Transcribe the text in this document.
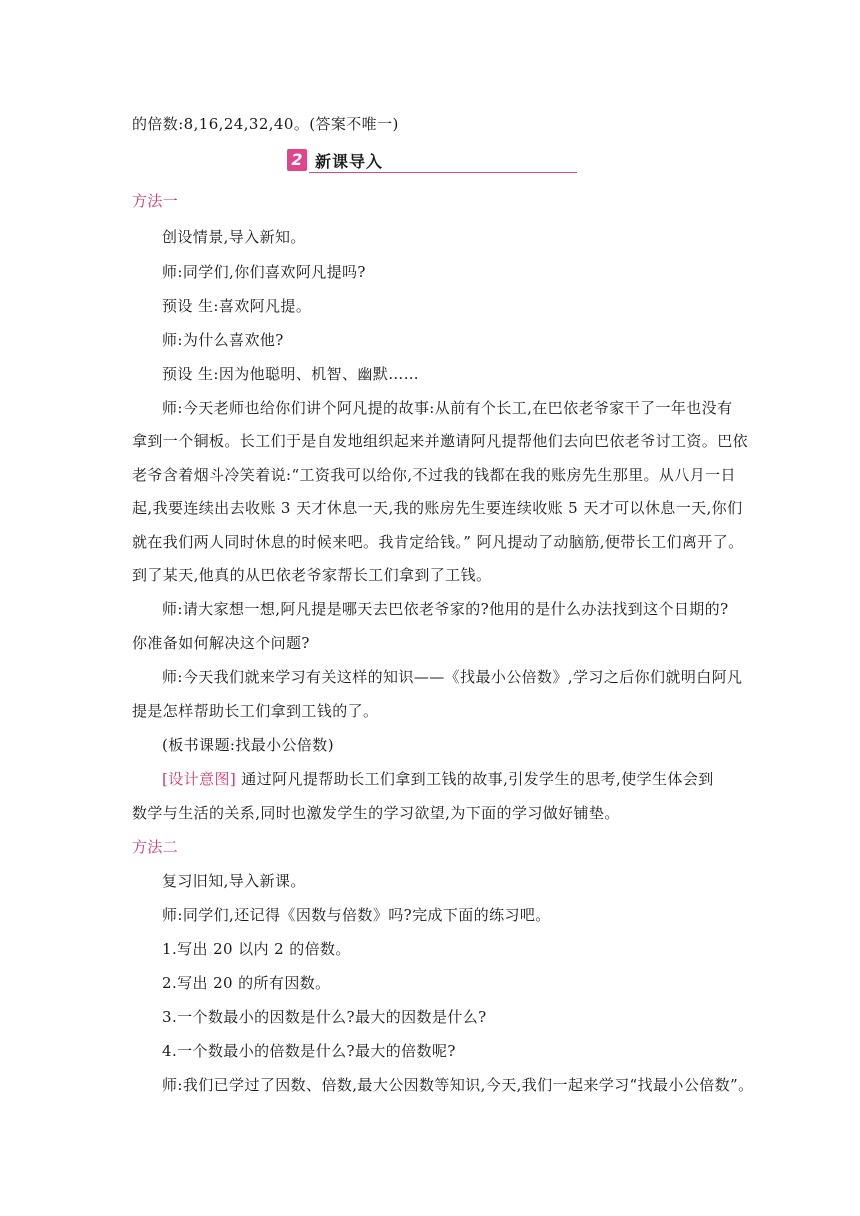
的倍数:8,16,24,32,40。(答案不唯一)
2 新课导入
方法一
创设情景,导入新知。
师:同学们,你们喜欢阿凡提吗?
预设 生:喜欢阿凡提。
师:为什么喜欢他?
预设 生:因为他聪明、机智、幽默……
师:今天老师也给你们讲个阿凡提的故事:从前有个长工,在巴依老爷家干了一年也没有
拿到一个铜板。长工们于是自发地组织起来并邀请阿凡提帮他们去向巴依老爷讨工资。巴依
老爷含着烟斗冷笑着说:“工资我可以给你,不过我的钱都在我的账房先生那里。从八月一日
起,我要连续出去收账 3 天才休息一天,我的账房先生要连续收账 5 天才可以休息一天,你们
就在我们两人同时休息的时候来吧。我肯定给钱。” 阿凡提动了动脑筋,便带长工们离开了。
到了某天,他真的从巴依老爷家帮长工们拿到了工钱。
师:请大家想一想,阿凡提是哪天去巴依老爷家的?他用的是什么办法找到这个日期的?
你准备如何解决这个问题?
师:今天我们就来学习有关这样的知识——《找最小公倍数》,学习之后你们就明白阿凡
提是怎样帮助长工们拿到工钱的了。
(板书课题:找最小公倍数)
[设计意图] 通过阿凡提帮助长工们拿到工钱的故事,引发学生的思考,使学生体会到
数学与生活的关系,同时也激发学生的学习欲望,为下面的学习做好铺垫。
方法二
复习旧知,导入新课。
师:同学们,还记得《因数与倍数》吗?完成下面的练习吧。
1.写出 20 以内 2 的倍数。
2.写出 20 的所有因数。
3.一个数最小的因数是什么?最大的因数是什么?
4.一个数最小的倍数是什么?最大的倍数呢?
师:我们已学过了因数、倍数,最大公因数等知识,今天,我们一起来学习“找最小公倍数”。
